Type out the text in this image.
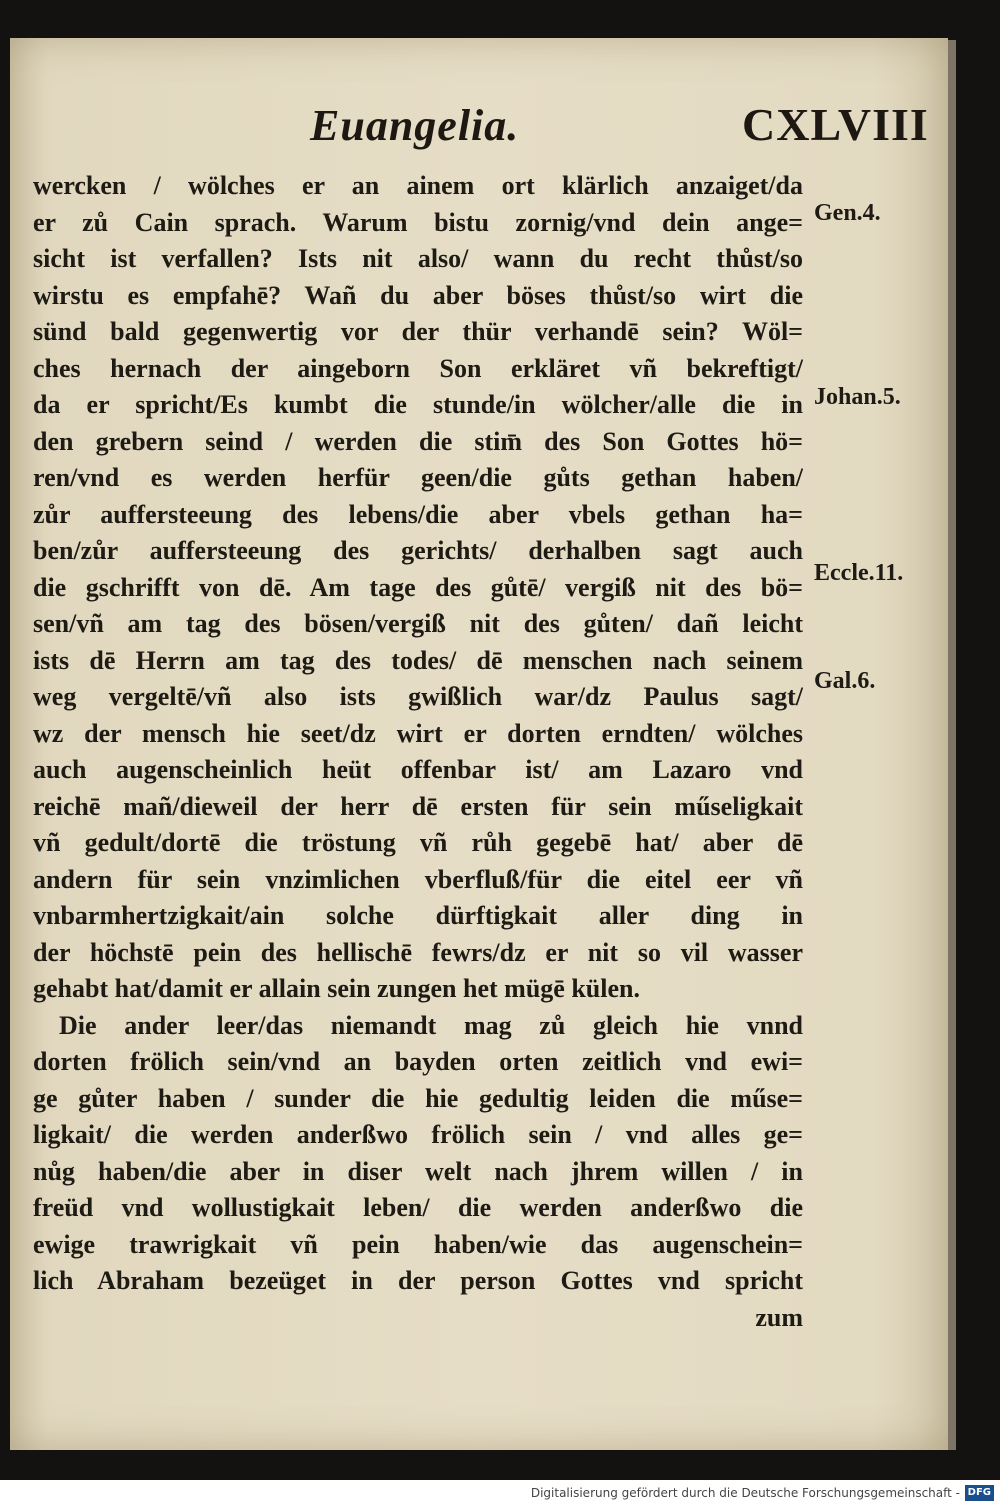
Euangelia.	CXLVIII
wercken / wölches er an ainem ort klärlich anzaiget/da
er zů Cain sprach. Warum bistu zornig/vnd dein ange=
sicht ist verfallen? Ists nit also/ wann du recht thůst/so
wirstu es empfahē? Wañ du aber böses thůst/so wirt die
sünd bald gegenwertig vor der thür verhandē sein? Wöl=
ches hernach der aingeborn Son erkläret vñ bekreftigt/
da er spricht/Es kumbt die stunde/in wölcher/alle die in
den grebern seind / werden die stim̄ des Son Gottes hö=
ren/vnd es werden herfür geen/die gůts gethan haben/
zůr aufferstееung des lebens/die aber vbels gethan ha=
ben/zůr aufferstееung des gerichts/ derhalben sagt auch
die gschrifft von dē. Am tage des gůtē/ vergiß nit des bö=
sen/vñ am tag des bösen/vergiß nit des gůten/ dañ leicht
ists dē Herrn am tag des todes/ dē menschen nach seinem
weg vergeltē/vñ also ists gwißlich war/dz Paulus sagt/
wz der mensch hie seet/dz wirt er dorten erndten/ wölches
auch augenscheinlich heüt offenbar ist/ am Lazaro vnd
reichē mañ/dieweil der herr dē ersten für sein műseligkait
vñ gedult/dortē die tröstung vñ růh gegebē hat/ aber dē
andern für sein vnzimlichen vberfluß/für die eitel eer vñ
vnbarmhertzigkait/ain solche dürftigkait aller ding in
der höchstē pein des hellischē fewrs/dz er nit so vil wasser
gehabt hat/damit er allain sein zungen het mügē külen.
Die ander leer/das niemandt mag zů gleich hie vnnd
dorten frölich sein/vnd an bayden orten zeitlich vnd ewi=
ge gůter haben / sunder die hie gedultig leiden die műse=
ligkait/ die werden anderßwo frölich sein / vnd alles ge=
nůg haben/die aber in diser welt nach jhrem willen / in
freüd vnd wollustigkait leben/ die werden anderßwo die
ewige trawrigkait vñ pein haben/wie das augenschein=
lich Abraham bezeüget in der person Gottes vnd spricht
zum
Gen.4.
Johan.5.
Eccle.11.
Gal.6.
Digitalisierung gefördert durch die Deutsche Forschungsgemeinschaft - DFG
